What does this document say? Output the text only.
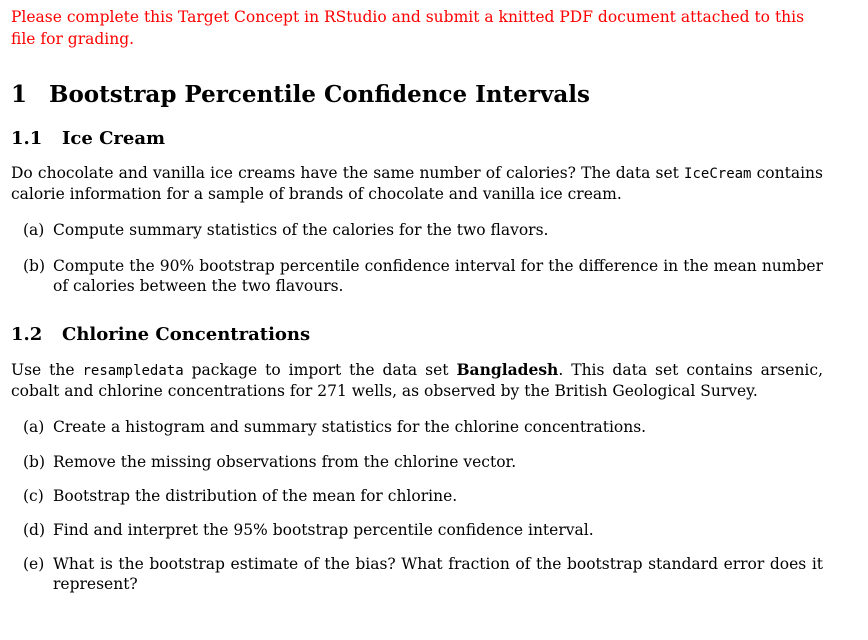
Please complete this Target Concept in RStudio and submit a knitted PDF document attached to this file for grading.

1 Bootstrap Percentile Confidence Intervals
1.1 Ice Cream

Do chocolate and vanilla ice creams have the same number of calories? The data set IceCream contains calorie information for a sample of brands of chocolate and vanilla ice cream.

(a) Compute summary statistics of the calories for the two flavors.
(b) Compute the 90% bootstrap percentile confidence interval for the difference in the mean number of calories between the two flavours.
1.2 Chlorine Concentrations

Use the resampledata package to import the data set Bangladesh. This data set contains arsenic, cobalt and chlorine concentrations for 271 wells, as observed by the British Geological Survey.

(a) Create a histogram and summary statistics for the chlorine concentrations.
(b) Remove the missing observations from the chlorine vector.
(c) Bootstrap the distribution of the mean for chlorine.
(d) Find and interpret the 95% bootstrap percentile confidence interval.
(e) What is the bootstrap estimate of the bias? What fraction of the bootstrap standard error does it represent?
